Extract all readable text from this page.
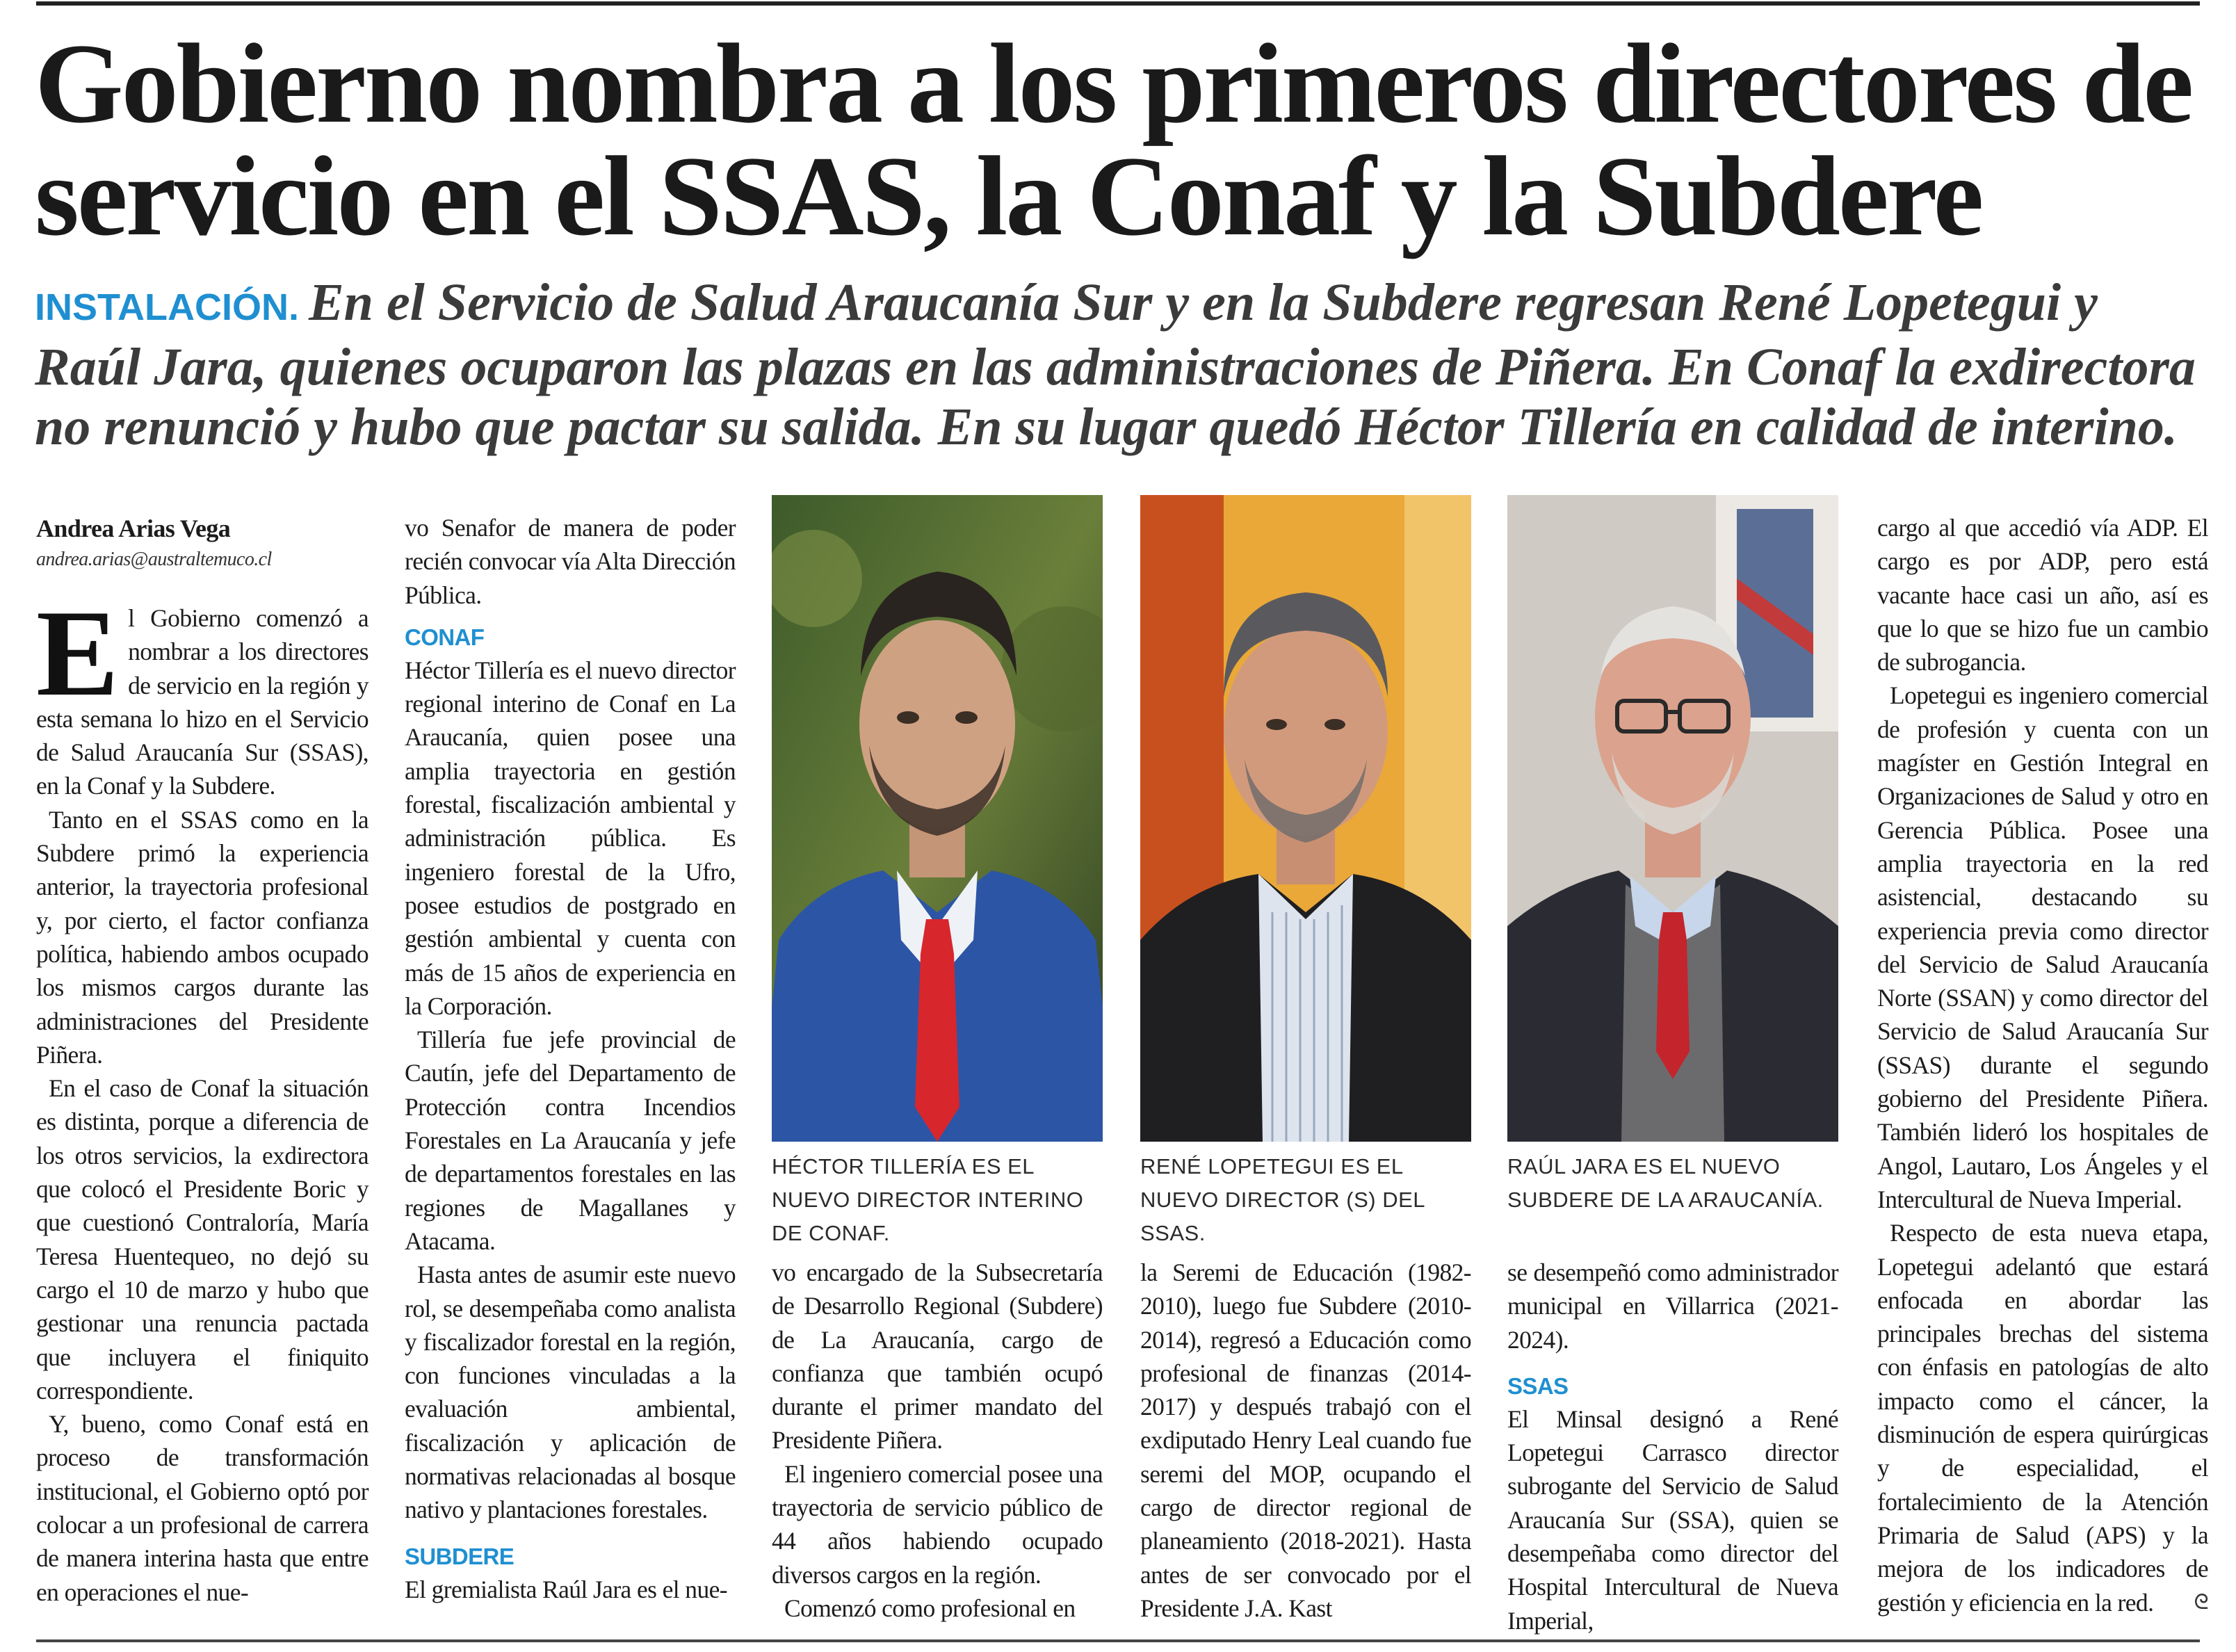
Gobierno nombra a los primeros directores de servicio en el SSAS, la Conaf y la Subdere
INSTALACIÓN. En el Servicio de Salud Araucanía Sur y en la Subdere regresan René Lopetegui y Raúl Jara, quienes ocuparon las plazas en las administraciones de Piñera. En Conaf la exdirectora no renunció y hubo que pactar su salida. En su lugar quedó Héctor Tillería en calidad de interino.
Andrea Arias Vega
andrea.arias@australtemuco.cl

El Gobierno comenzó a nombrar a los directores de servicio en la región y esta semana lo hizo en el Servicio de Salud Araucanía Sur (SSAS), en la Conaf y la Subdere.

Tanto en el SSAS como en la Subdere primó la experiencia anterior, la trayectoria profesional y, por cierto, el factor confianza política, habiendo ambos ocupado los mismos cargos durante las administraciones del Presidente Piñera.

En el caso de Conaf la situación es distinta, porque a diferencia de los otros servicios, la exdirectora que colocó el Presidente Boric y que cuestionó Contraloría, María Teresa Huentequeo, no dejó su cargo el 10 de marzo y hubo que gestionar una renuncia pactada que incluyera el finiquito correspondiente.

Y, bueno, como Conaf está en proceso de transformación institucional, el Gobierno optó por colocar a un profesional de carrera de manera interina hasta que entre en operaciones el nue-

vo Senafor de manera de poder recién convocar vía Alta Dirección Pública.

CONAF

Héctor Tillería es el nuevo director regional interino de Conaf en La Araucanía, quien posee una amplia trayectoria en gestión forestal, fiscalización ambiental y administración pública. Es ingeniero forestal de la Ufro, posee estudios de postgrado en gestión ambiental y cuenta con más de 15 años de experiencia en la Corporación.

Tillería fue jefe provincial de Cautín, jefe del Departamento de Protección contra Incendios Forestales en La Araucanía y jefe de departamentos forestales en las regiones de Magallanes y Atacama.

Hasta antes de asumir este nuevo rol, se desempeñaba como analista y fiscalizador forestal en la región, con funciones vinculadas a la evaluación ambiental, fiscalización y aplicación de normativas relacionadas al bosque nativo y plantaciones forestales.

SUBDERE

El gremialista Raúl Jara es el nue-

HÉCTOR TILLERÍA ES EL NUEVO DIRECTOR INTERINO DE CONAF.

vo encargado de la Subsecretaría de Desarrollo Regional (Subdere) de La Araucanía, cargo de confianza que también ocupó durante el primer mandato del Presidente Piñera.

El ingeniero comercial posee una trayectoria de servicio público de 44 años habiendo ocupado diversos cargos en la región.

Comenzó como profesional en

RENÉ LOPETEGUI ES EL NUEVO DIRECTOR (S) DEL SSAS.

la Seremi de Educación (1982-2010), luego fue Subdere (2010-2014), regresó a Educación como profesional de finanzas (2014-2017) y después trabajó con el exdiputado Henry Leal cuando fue seremi del MOP, ocupando el cargo de director regional de planeamiento (2018-2021). Hasta antes de ser convocado por el Presidente J.A. Kast

RAÚL JARA ES EL NUEVO SUBDERE DE LA ARAUCANÍA.

se desempeñó como administrador municipal en Villarrica (2021-2024).

SSAS

El Minsal designó a René Lopetegui Carrasco director subrogante del Servicio de Salud Araucanía Sur (SSA), quien se desempeñaba como director del Hospital Intercultural de Nueva Imperial,

cargo al que accedió vía ADP. El cargo es por ADP, pero está vacante hace casi un año, así es que lo que se hizo fue un cambio de subrogancia.

Lopetegui es ingeniero comercial de profesión y cuenta con un magíster en Gestión Integral en Organizaciones de Salud y otro en Gerencia Pública. Posee una amplia trayectoria en la red asistencial, destacando su experiencia previa como director del Servicio de Salud Araucanía Norte (SSAN) y como director del Servicio de Salud Araucanía Sur (SSAS) durante el segundo gobierno del Presidente Piñera. También lideró los hospitales de Angol, Lautaro, Los Ángeles y el Intercultural de Nueva Imperial.

Respecto de esta nueva etapa, Lopetegui adelantó que estará enfocada en abordar las principales brechas del sistema con énfasis en patologías de alto impacto como el cáncer, la disminución de espera quirúrgicas y de especialidad, el fortalecimiento de la Atención Primaria de Salud (APS) y la mejora de los indicadores de gestión y eficiencia en la red.	ᘓ
